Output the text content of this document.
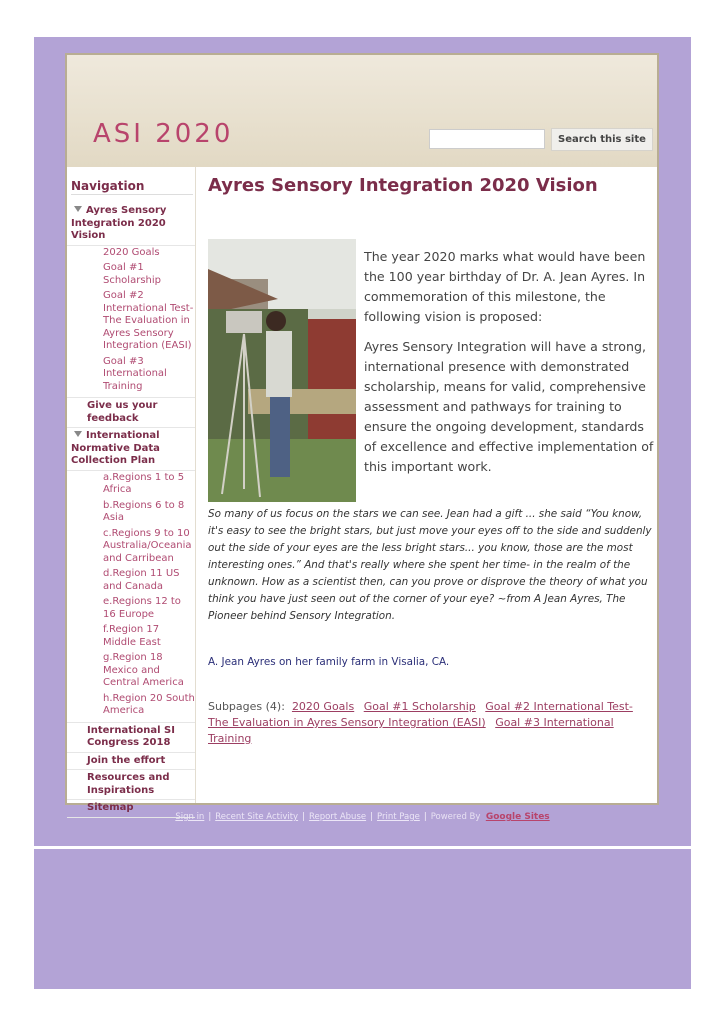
ASI 2020	Search this site
Navigation
Ayres Sensory Integration 2020 Vision
2020 Goals
Goal #1 Scholarship
Goal #2 International Test-The Evaluation in Ayres Sensory Integration (EASI)
Goal #3 International Training
Give us your feedback
International Normative Data Collection Plan
a.Regions 1 to 5 Africa
b.Regions 6 to 8 Asia
c.Regions 9 to 10 Australia/Oceania and Carribean
d.Region 11 US and Canada
e.Regions 12 to 16 Europe
f.Region 17 Middle East
g.Region 18 Mexico and Central America
h.Region 20 South America
International SI Congress 2018
Join the effort
Resources and Inspirations
Sitemap
Ayres Sensory Integration 2020 Vision

The year 2020 marks what would have been the 100 year birthday of Dr. A. Jean Ayres. In commemoration of this milestone, the following vision is proposed:

Ayres Sensory Integration will have a strong, international presence with demonstrated scholarship, means for valid, comprehensive assessment and pathways for training to ensure the ongoing development, standards of excellence and effective implementation of this important work.

So many of us focus on the stars we can see. Jean had a gift ... she said “You know, it's easy to see the bright stars, but just move your eyes off to the side and suddenly out the side of your eyes are the less bright stars... you know, those are the most interesting ones.” And that's really where she spent her time- in the realm of the unknown. How as a scientist then, can you prove or disprove the theory of what you think you have just seen out of the corner of your eye? ~from A Jean Ayres, The Pioneer behind Sensory Integration.
A. Jean Ayres on her family farm in Visalia, CA.
Subpages (4): 2020 Goals Goal #1 Scholarship Goal #2 International Test-The Evaluation in Ayres Sensory Integration (EASI) Goal #3 International Training
Sign in | Recent Site Activity | Report Abuse | Print Page | Powered By Google Sites
